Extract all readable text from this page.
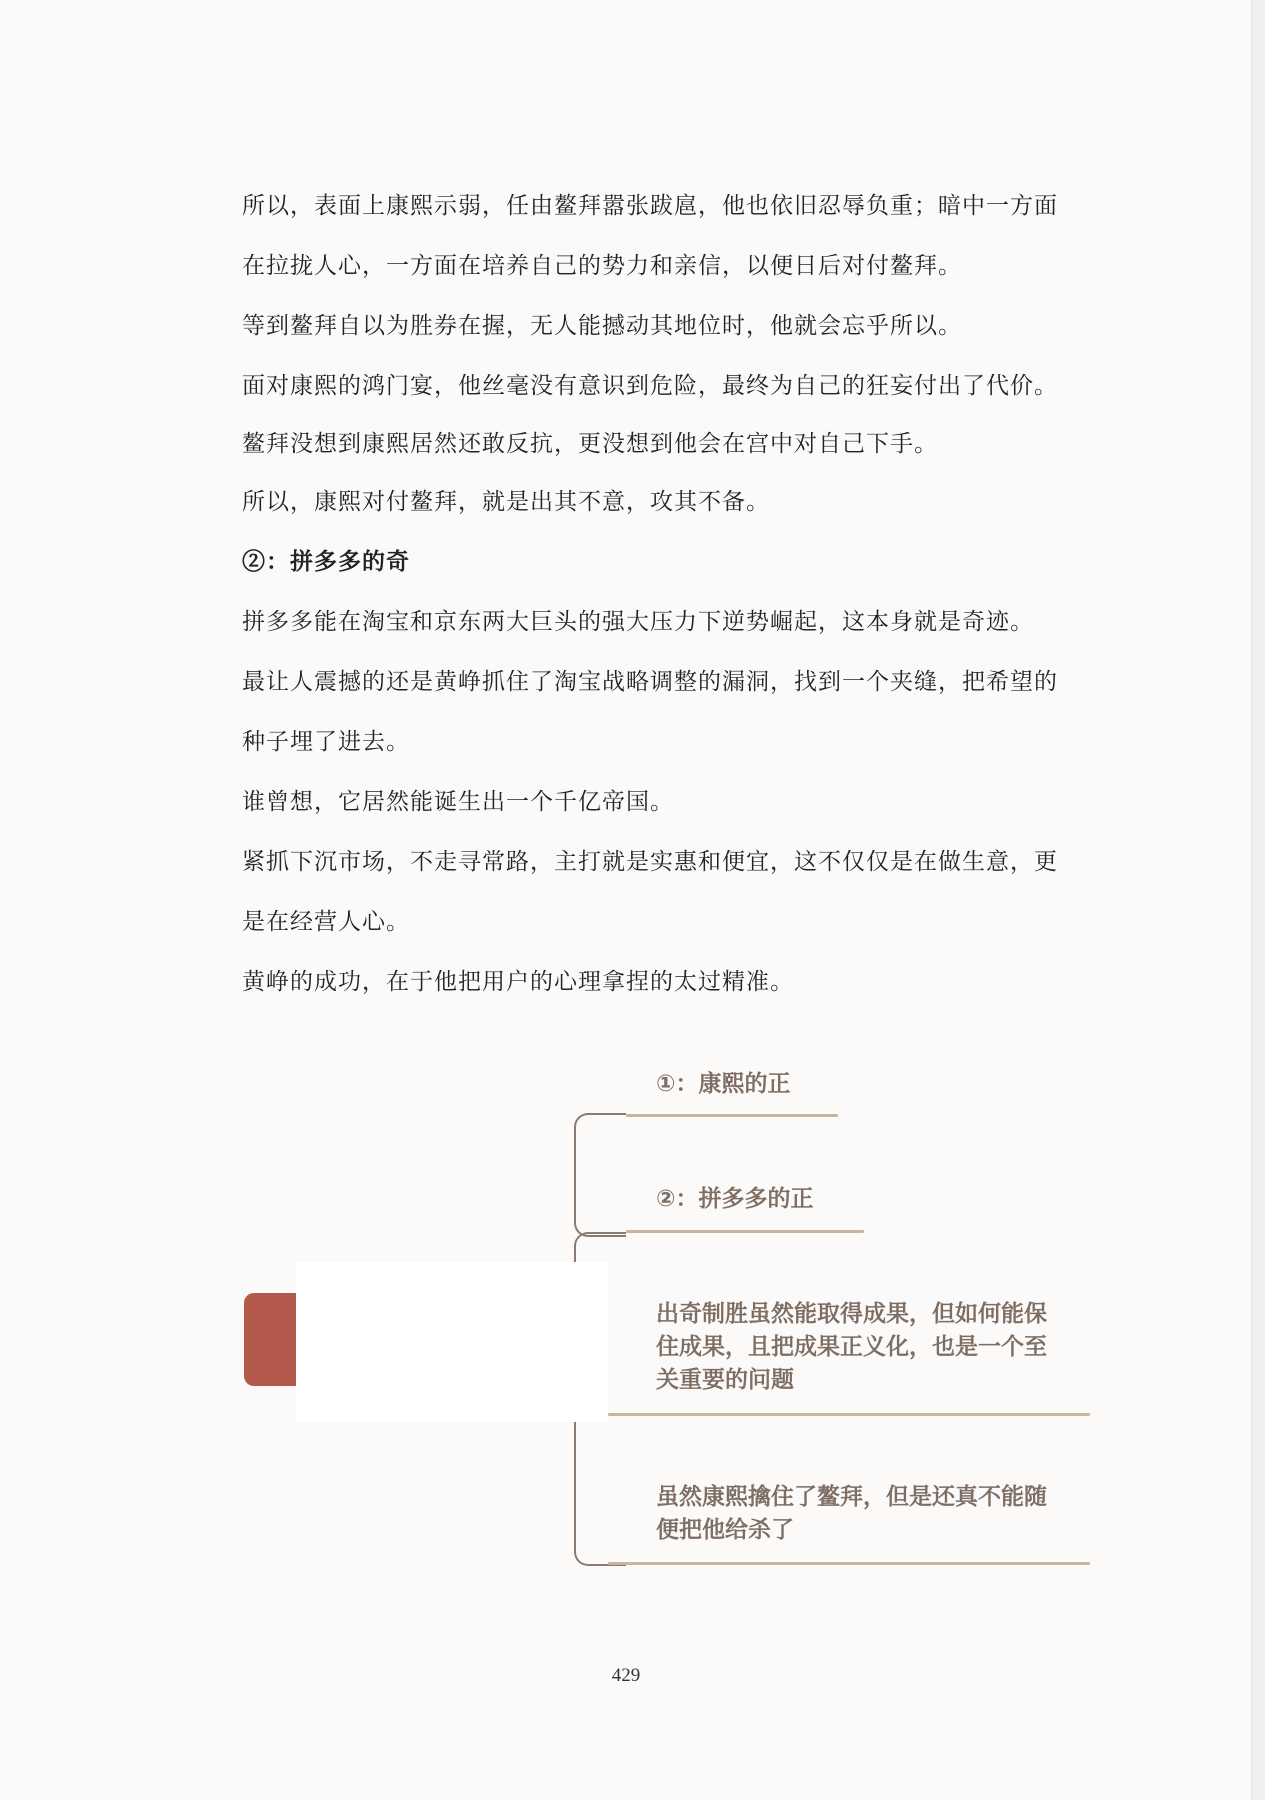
所以，表面上康熙示弱，任由鳌拜嚣张跋扈，他也依旧忍辱负重；暗中一方面在拉拢人心，一方面在培养自己的势力和亲信，以便日后对付鳌拜。
等到鳌拜自以为胜券在握，无人能撼动其地位时，他就会忘乎所以。
面对康熙的鸿门宴，他丝毫没有意识到危险，最终为自己的狂妄付出了代价。
鳌拜没想到康熙居然还敢反抗，更没想到他会在宫中对自己下手。
所以，康熙对付鳌拜，就是出其不意，攻其不备。
②：拼多多的奇
拼多多能在淘宝和京东两大巨头的强大压力下逆势崛起，这本身就是奇迹。
最让人震撼的还是黄峥抓住了淘宝战略调整的漏洞，找到一个夹缝，把希望的种子埋了进去。
谁曾想，它居然能诞生出一个千亿帝国。
紧抓下沉市场，不走寻常路，主打就是实惠和便宜，这不仅仅是在做生意，更是在经营人心。
黄峥的成功，在于他把用户的心理拿捏的太过精准。
①：康熙的正
②：拼多多的正
出奇制胜虽然能取得成果，但如何能保住成果，且把成果正义化，也是一个至关重要的问题
虽然康熙擒住了鳌拜，但是还真不能随便把他给杀了
429
